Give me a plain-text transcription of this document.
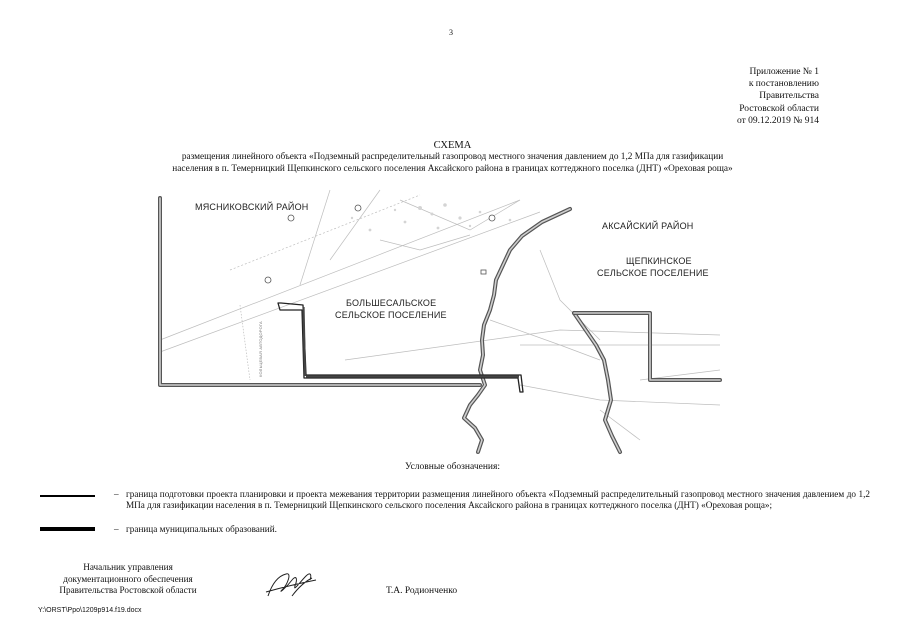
3
Приложение № 1
к постановлению
Правительства
Ростовской области
от 09.12.2019 № 914
СХЕМА
размещения линейного объекта «Подземный распределительный газопровод местного значения давлением до 1,2 МПа для газификации
населения в п. Темерницкий Щепкинского сельского поселения Аксайского района в границах коттеджного поселка (ДНТ) «Ореховая роща»
МЯСНИКОВСКИЙ РАЙОН
АКСАЙСКИЙ РАЙОН
ЩЕПКИНСКОЕ
СЕЛЬСКОЕ ПОСЕЛЕНИЕ
БОЛЬШЕСАЛЬСКОЕ
СЕЛЬСКОЕ ПОСЕЛЕНИЕ
КОЛЬЦЕВАЯ АВТОДОРОГА
Условные обозначения:
– граница подготовки проекта планировки и проекта межевания территории размещения линейного объекта «Подземный распределительный газопровод местного значения давлением до 1,2 МПа для газификации населения в п. Темерницкий Щепкинского сельского поселения Аксайского района в границах коттеджного поселка (ДНТ) «Ореховая роща»;
– граница муниципальных образований.
Начальник управления
документационного обеспечения
Правительства Ростовской области	Т.А. Родионченко
Y:\ORST\Ppo\1209p914.f19.docx
